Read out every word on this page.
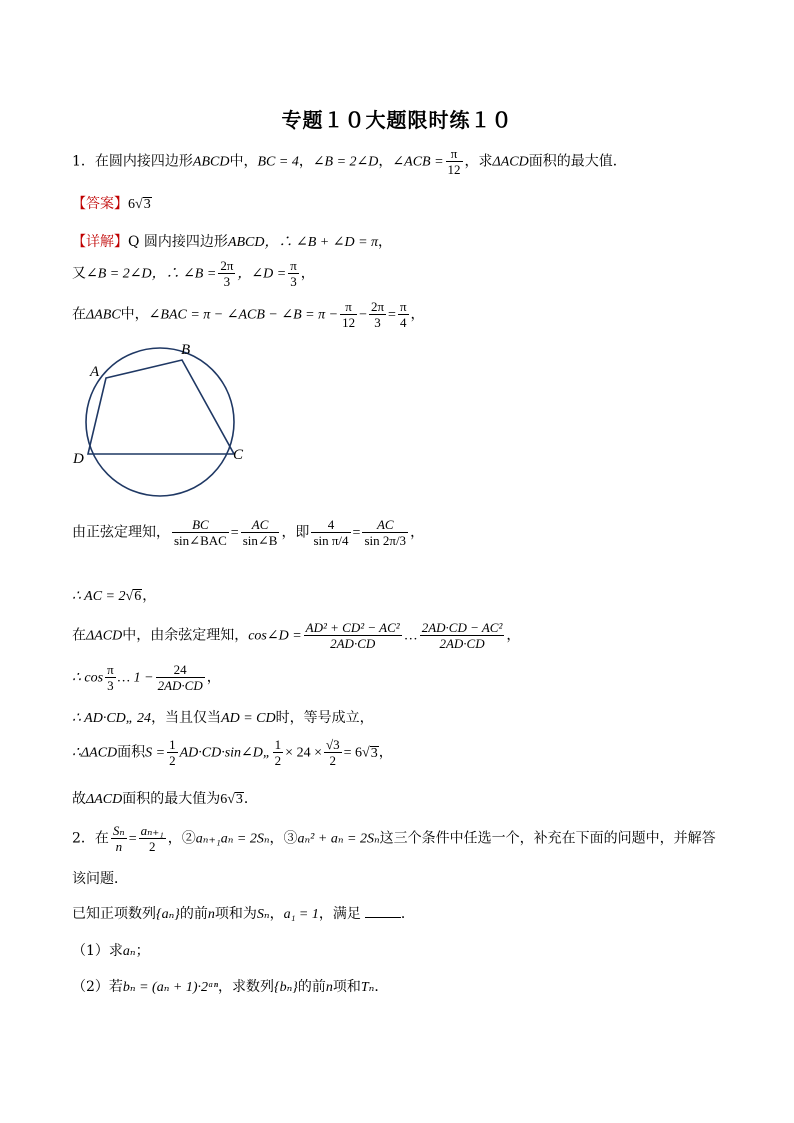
专题１０大题限时练１０
1．在圆内接四边形ABCD中，BC = 4，∠B = 2∠D，∠ACB = $\frac{\pi}{12}$ ，求ΔACD面积的最大值．
【答案】6√3
【详解】Q 圆内接四边形ABCD，∴ ∠B + ∠D = π，
又∠B = 2∠D，∴ ∠B = $\frac{2\pi}{3}$ ，∠D = $\frac{\pi}{3}$ ，
在ΔABC中，∠BAC = π − ∠ACB − ∠B = $\pi - \frac{\pi}{12} - \frac{2\pi}{3} = \frac{\pi}{4}$ ，
A
B
C
D
由正弦定理知， $\frac{BC}{\text{sin∠BAC}} = \frac{AC}{\sin\angle B}$ ，即 $\frac{4}{\text{sin π/4}} = \frac{AC}{\sin 2\pi/3}$ ，
∴ AC = 2√6，
在ΔACD中，由余弦定理知，cos∠D = $\frac{\text{AD² + CD² − AC²}}{2AD\cdot CD}$ … $\frac{\text{2AD·CD − AC²}}{2AD\cdot CD}$ ，
∴ $\cos \frac{\pi}{3}$ … $1 - \frac{24}{2AD\cdot CD}$ ，
∴ AD·CD„ 24，当且仅当AD = CD时，等号成立，
∴ΔACD面积$S = \frac{1}{2}$ AD·CD·sin∠D„ $\frac{1}{2} \times 24 \times \frac{√3}{2} = 6√3$，
故ΔACD面积的最大值为6√3．
2．在 $\frac{\text{Sₙ}}{n} = \frac{\text{aₙ₊₁}}{2}$ ，②aₙ₊₁aₙ = 2Sₙ，③aₙ² + aₙ = 2Sₙ这三个条件中任选一个，补充在下面的问题中，并解答
该问题．
已知正项数列{aₙ}的前n项和为Sₙ，a₁ = 1，满足	．
（1）求aₙ；
（2）若bₙ = (aₙ + 1)·2ᵃⁿ，求数列{bₙ}的前n项和Tₙ．
